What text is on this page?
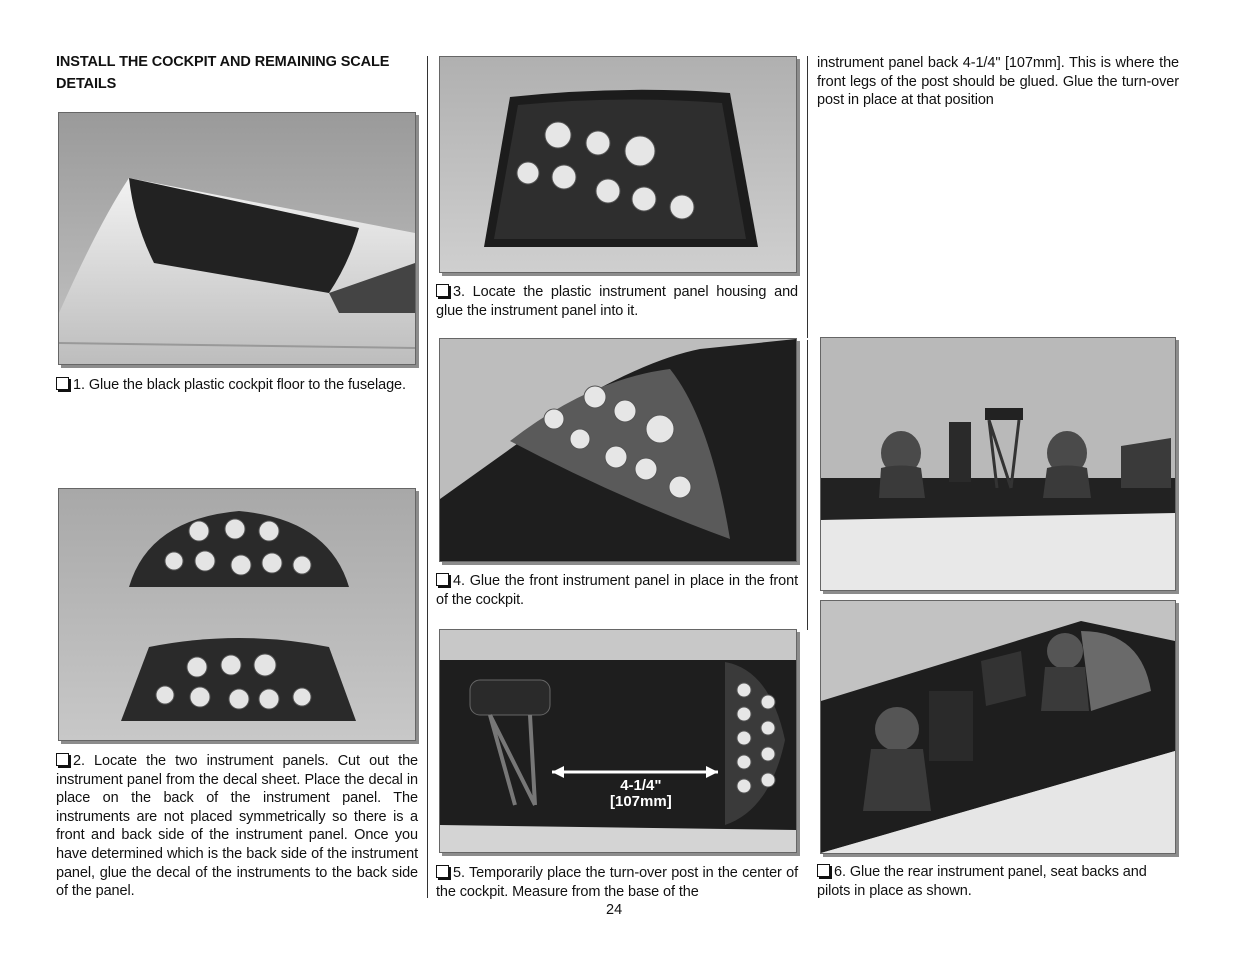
INSTALL THE COCKPIT AND REMAINING SCALE DETAILS
1. Glue the black plastic cockpit floor to the fuselage.
2. Locate the two instrument panels. Cut out the instrument panel from the decal sheet. Place the decal in place on the back of the instrument panel. The instruments are not placed symmetrically so there is a front and back side of the instrument panel. Once you have determined which is the back side of the instrument panel, glue the decal of the instruments to the back side of the panel.
3. Locate the plastic instrument panel housing and glue the instrument panel into it.
4. Glue the front instrument panel in place in the front of the cockpit.
4-1/4"
[107mm]
5. Temporarily place the turn-over post in the center of the cockpit. Measure from the base of the
instrument panel back 4-1/4" [107mm]. This is where the front legs of the post should be glued. Glue the turn-over post in place at that position
6. Glue the rear instrument panel, seat backs and pilots in place as shown.
24
